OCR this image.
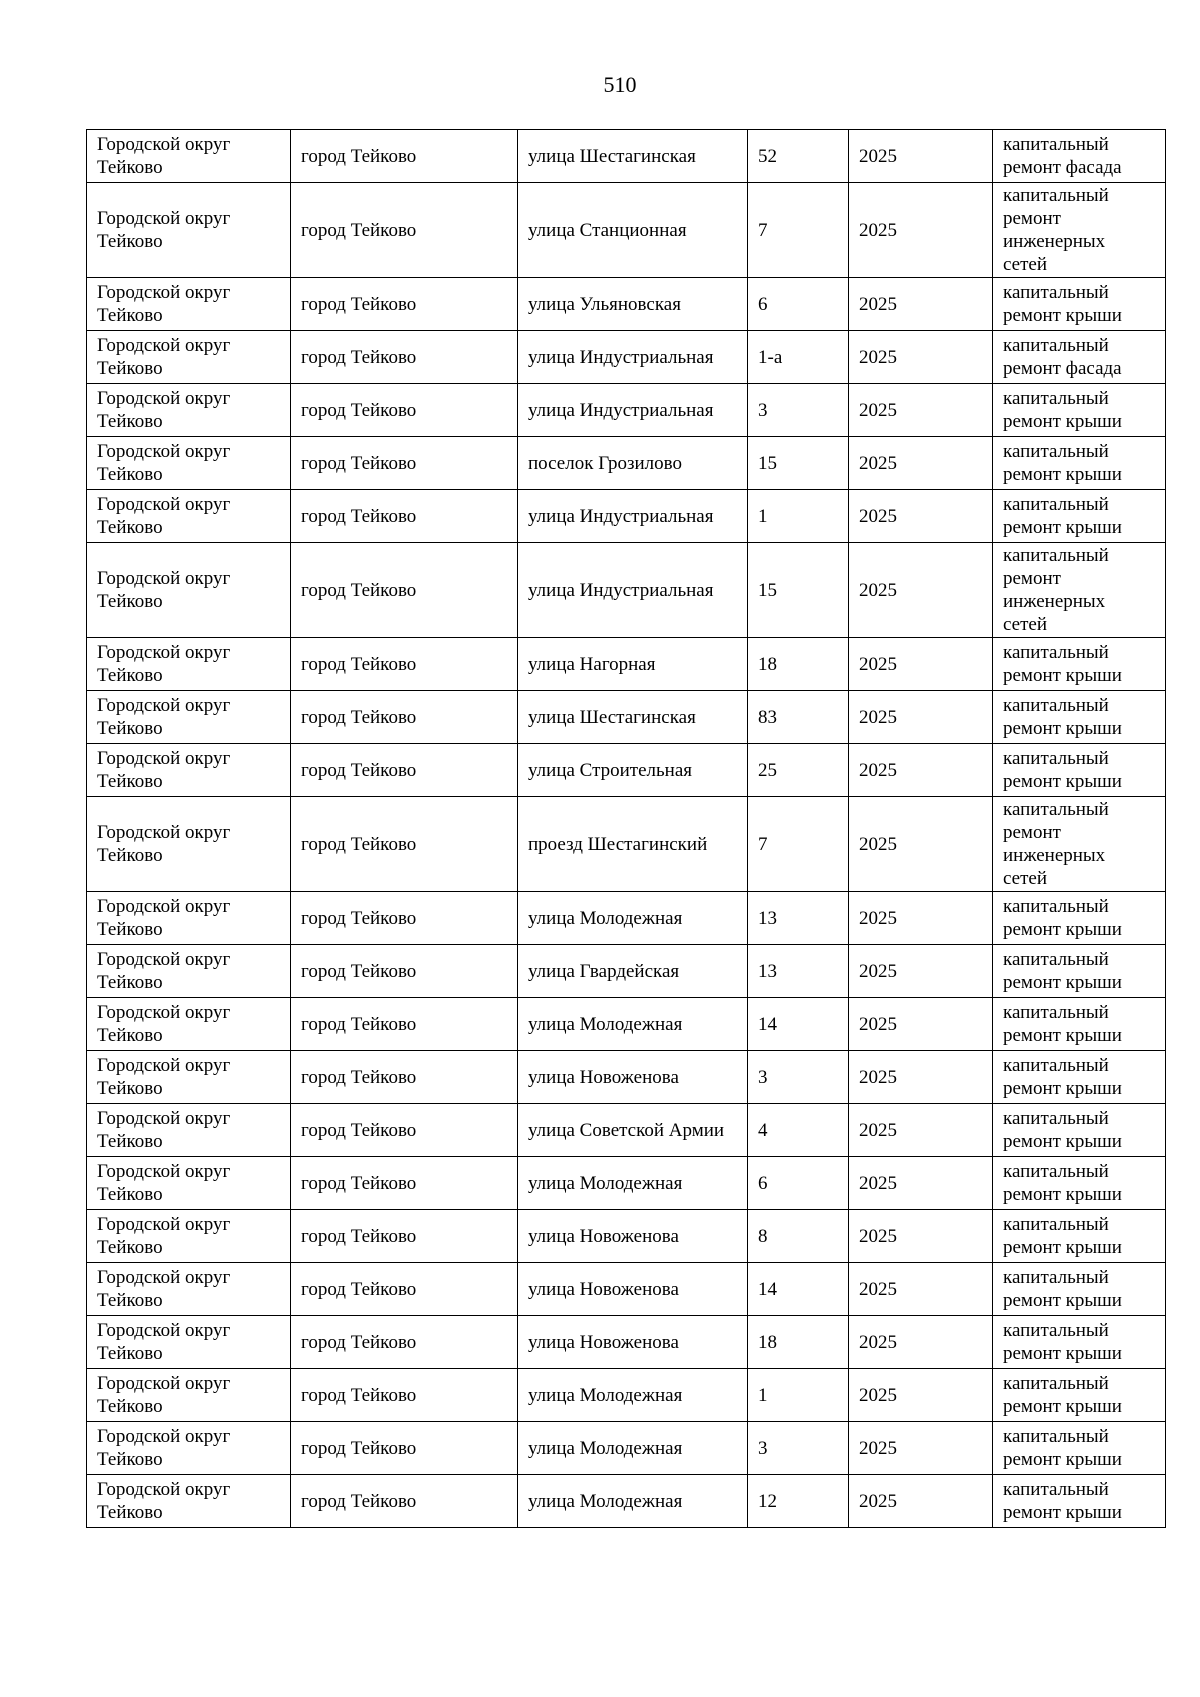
510
Городской округ Тейково	город Тейково	улица Шестагинская	52	2025	капитальный ремонт фасада
Городской округ Тейково	город Тейково	улица Станционная	7	2025	капитальный ремонт инженерных сетей
Городской округ Тейково	город Тейково	улица Ульяновская	6	2025	капитальный ремонт крыши
Городской округ Тейково	город Тейково	улица Индустриальная	1-а	2025	капитальный ремонт фасада
Городской округ Тейково	город Тейково	улица Индустриальная	3	2025	капитальный ремонт крыши
Городской округ Тейково	город Тейково	поселок Грозилово	15	2025	капитальный ремонт крыши
Городской округ Тейково	город Тейково	улица Индустриальная	1	2025	капитальный ремонт крыши
Городской округ Тейково	город Тейково	улица Индустриальная	15	2025	капитальный ремонт инженерных сетей
Городской округ Тейково	город Тейково	улица Нагорная	18	2025	капитальный ремонт крыши
Городской округ Тейково	город Тейково	улица Шестагинская	83	2025	капитальный ремонт крыши
Городской округ Тейково	город Тейково	улица Строительная	25	2025	капитальный ремонт крыши
Городской округ Тейково	город Тейково	проезд Шестагинский	7	2025	капитальный ремонт инженерных сетей
Городской округ Тейково	город Тейково	улица Молодежная	13	2025	капитальный ремонт крыши
Городской округ Тейково	город Тейково	улица Гвардейская	13	2025	капитальный ремонт крыши
Городской округ Тейково	город Тейково	улица Молодежная	14	2025	капитальный ремонт крыши
Городской округ Тейково	город Тейково	улица Новоженова	3	2025	капитальный ремонт крыши
Городской округ Тейково	город Тейково	улица Советской Армии	4	2025	капитальный ремонт крыши
Городской округ Тейково	город Тейково	улица Молодежная	6	2025	капитальный ремонт крыши
Городской округ Тейково	город Тейково	улица Новоженова	8	2025	капитальный ремонт крыши
Городской округ Тейково	город Тейково	улица Новоженова	14	2025	капитальный ремонт крыши
Городской округ Тейково	город Тейково	улица Новоженова	18	2025	капитальный ремонт крыши
Городской округ Тейково	город Тейково	улица Молодежная	1	2025	капитальный ремонт крыши
Городской округ Тейково	город Тейково	улица Молодежная	3	2025	капитальный ремонт крыши
Городской округ Тейково	город Тейково	улица Молодежная	12	2025	капитальный ремонт крыши
